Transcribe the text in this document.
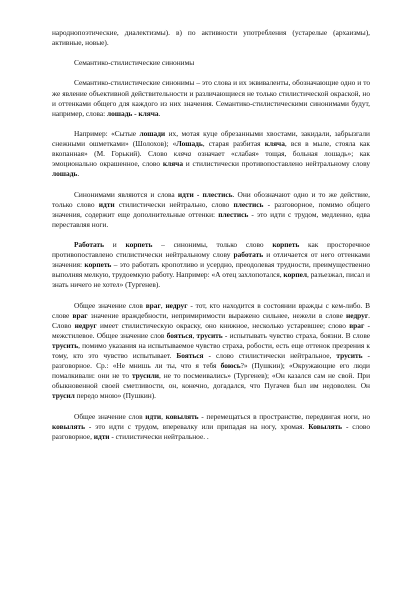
народнопоэтические, диалектизмы). в) по активности употребления (устарелые (архаизмы), активные, новые).

Семантико-стилистические синонимы

Семантико-стилистические синонимы – это слова и их эквиваленты, обозначающие одно и то же явление объективной действительности и различающиеся не только стилистической окраской, но и оттенками общего для каждого из них значения. Семантико-стилистическими синонимами будут, например, слова: лошадь - кляча.

Например: «Сытые лошади их, мотая куце обрезанными хвостами, закидали, забрызгали снежными ошметками» (Шолохов); «Лошадь, старая разбитая кляча, вся в мыле, стояла как вкопанная» (М. Горький). Слово кляча означает «слабая» тощая, больная лошадь»; как эмоционально окрашенное, слово кляча и стилистически противопоставлено нейтральному слову лошадь.

Синонимами являются и слова идти - плестись. Они обозначают одно и то же действие, только слово идти стилистически нейтрально, слово плестись - разговорное, помимо общего значения, содержит еще дополнительные оттенки: плестись - это идти с трудом, медленно, едва переставляя ноги.

Работать и корпеть – синонимы, только слово корпеть как просторечное противопоставлено стилистически нейтральному слову работать и отличается от него оттенками значения: корпеть – это работать кропотливо и усердно, преодолевая трудности, преимущественно выполняя мелкую, трудоемкую работу. Например: «А отец захлопотался, корпел, разъезжал, писал и знать ничего не хотел» (Тургенев).

Общее значение слов враг, недруг - тот, кто находится в состоянии вражды с кем-либо. В слове враг значение враждебности, непримиримости выражено сильнее, нежели в слове недруг. Слово недруг имеет стилистическую окраску, оно книжное, несколько устаревшее; слово враг - межстилевое. Общее значение слов бояться, трусить - испытывать чувство страха, боязни. В слове трусить, помимо указания на испытываемое чувство страха, робости, есть еще оттенок презрения к тому, кто это чувство испытывает. Бояться - слово стилистически нейтральное, трусить - разговорное. Ср.: «Не мнишь ли ты, что я тебя боюсь?» (Пушкин); «Окружающие его люди помалкивали: они не то трусили, не то посмеивались» (Тургенев); «Он казался сам не свой. При обыкновенной своей сметливости, он, конечно, догадался, что Пугачев был им недоволен. Он трусил передо мною» (Пушкин).

Общее значение слов идти, ковылять - перемещаться в пространстве, передвигая ноги, но ковылять - это идти с трудом, вперевалку или припадая на ногу, хромая. Ковылять - слово разговорное, идти - стилистически нейтральное. .
